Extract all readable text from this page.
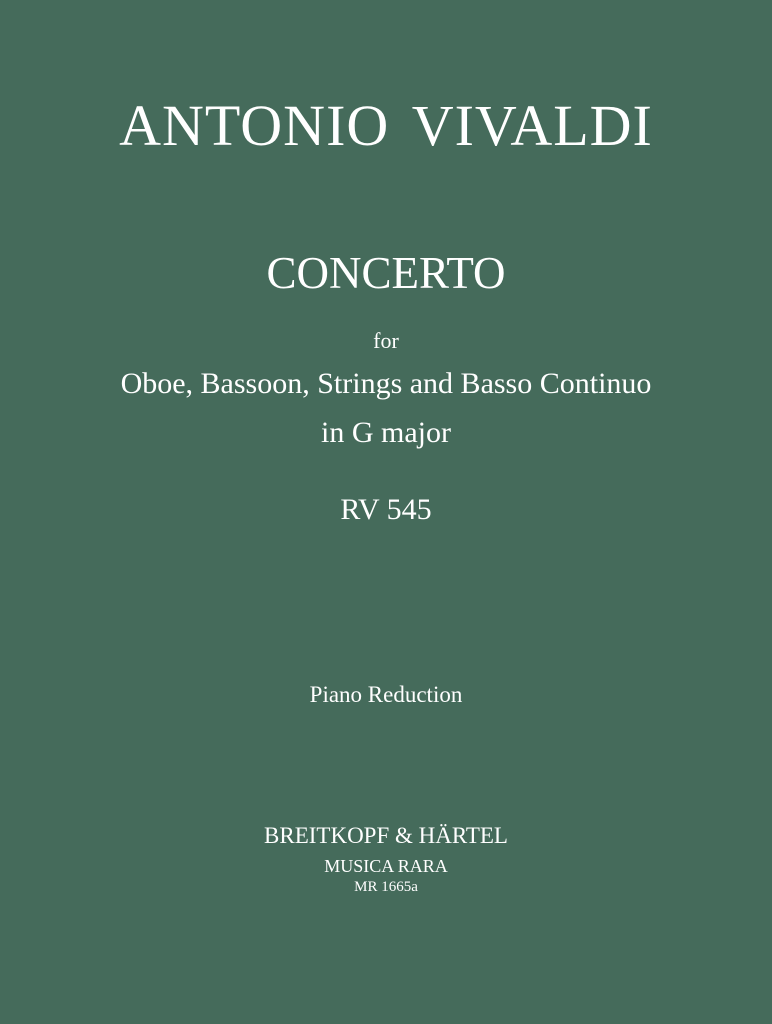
ANTONIO VIVALDI
CONCERTO
for
Oboe, Bassoon, Strings and Basso Continuo
in G major
RV 545
Piano Reduction
BREITKOPF & HÄRTEL
MUSICA RARA
MR 1665a
